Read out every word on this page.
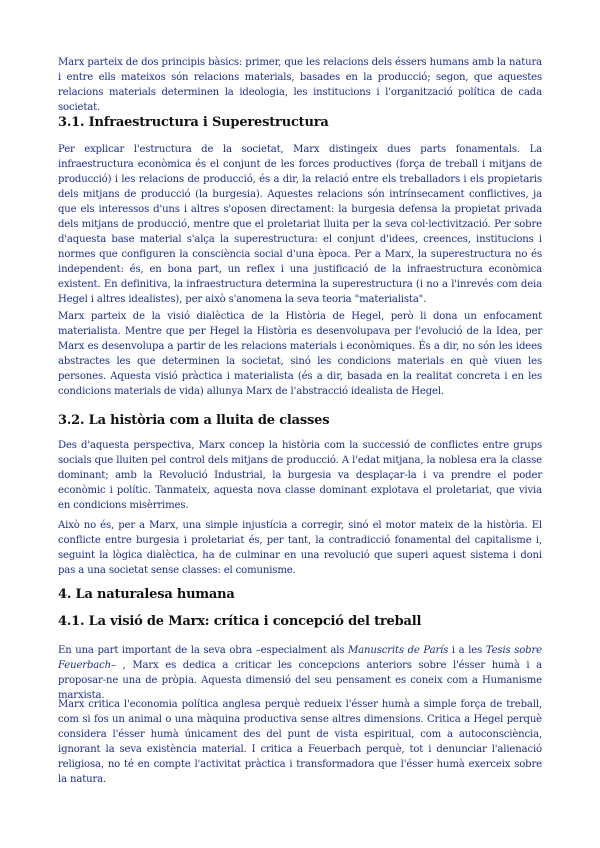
Marx parteix de dos principis bàsics: primer, que les relacions dels éssers humans amb la natura i entre ells mateixos són relacions materials, basades en la producció; segon, que aquestes relacions materials determinen la ideologia, les institucions i l'organització política de cada societat.

3.1. Infraestructura i Superestructura

Per explicar l'estructura de la societat, Marx distingeix dues parts fonamentals. La infraestructura econòmica és el conjunt de les forces productives (força de treball i mitjans de producció) i les relacions de producció, és a dir, la relació entre els treballadors i els propietaris dels mitjans de producció (la burgesia). Aquestes relacions són intrínsecament conflictives, ja que els interessos d'uns i altres s'oposen directament: la burgesia defensa la propietat privada dels mitjans de producció, mentre que el proletariat lluita per la seva col·lectivització. Per sobre d'aquesta base material s'alça la superestructura: el conjunt d'idees, creences, institucions i normes que configuren la consciència social d'una època. Per a Marx, la superestructura no és independent: és, en bona part, un reflex i una justificació de la infraestructura econòmica existent. En definitiva, la infraestructura determina la superestructura (i no a l'inrevés com deia Hegel i altres idealistes), per això s'anomena la seva teoria "materialista".

Marx parteix de la visió dialèctica de la Història de Hegel, però li dona un enfocament materialista. Mentre que per Hegel la Història es desenvolupava per l'evolució de la Idea, per Marx es desenvolupa a partir de les relacions materials i econòmiques. És a dir, no són les idees abstractes les que determinen la societat, sinó les condicions materials en què viuen les persones. Aquesta visió pràctica i materialista (és a dir, basada en la realitat concreta i en les condicions materials de vida) allunya Marx de l'abstracció idealista de Hegel.

3.2. La història com a lluita de classes

Des d'aquesta perspectiva, Marx concep la història com la successió de conflictes entre grups socials que lluiten pel control dels mitjans de producció. A l'edat mitjana, la noblesa era la classe dominant; amb la Revolució Industrial, la burgesia va desplaçar-la i va prendre el poder econòmic i polític. Tanmateix, aquesta nova classe dominant explotava el proletariat, que vivia en condicions misèrrimes.

Això no és, per a Marx, una simple injustícia a corregir, sinó el motor mateix de la història. El conflicte entre burgesia i proletariat és, per tant, la contradicció fonamental del capitalisme i, seguint la lògica dialèctica, ha de culminar en una revolució que superi aquest sistema i doni pas a una societat sense classes: el comunisme.

4. La naturalesa humana
4.1. La visió de Marx: crítica i concepció del treball

En una part important de la seva obra –especialment als Manuscrits de París i a les Tesis sobre Feuerbach– , Marx es dedica a criticar les concepcions anteriors sobre l'ésser humà i a proposar-ne una de pròpia. Aquesta dimensió del seu pensament es coneix com a Humanisme marxista.

Marx critica l'economia política anglesa perquè redueix l'ésser humà a simple força de treball, com si fos un animal o una màquina productiva sense altres dimensions. Critica a Hegel perquè considera l'ésser humà únicament des del punt de vista espiritual, com a autoconsciència, ignorant la seva existència material. I critica a Feuerbach perquè, tot i denunciar l'alienació religiosa, no té en compte l'activitat pràctica i transformadora que l'ésser humà exerceix sobre la natura.
